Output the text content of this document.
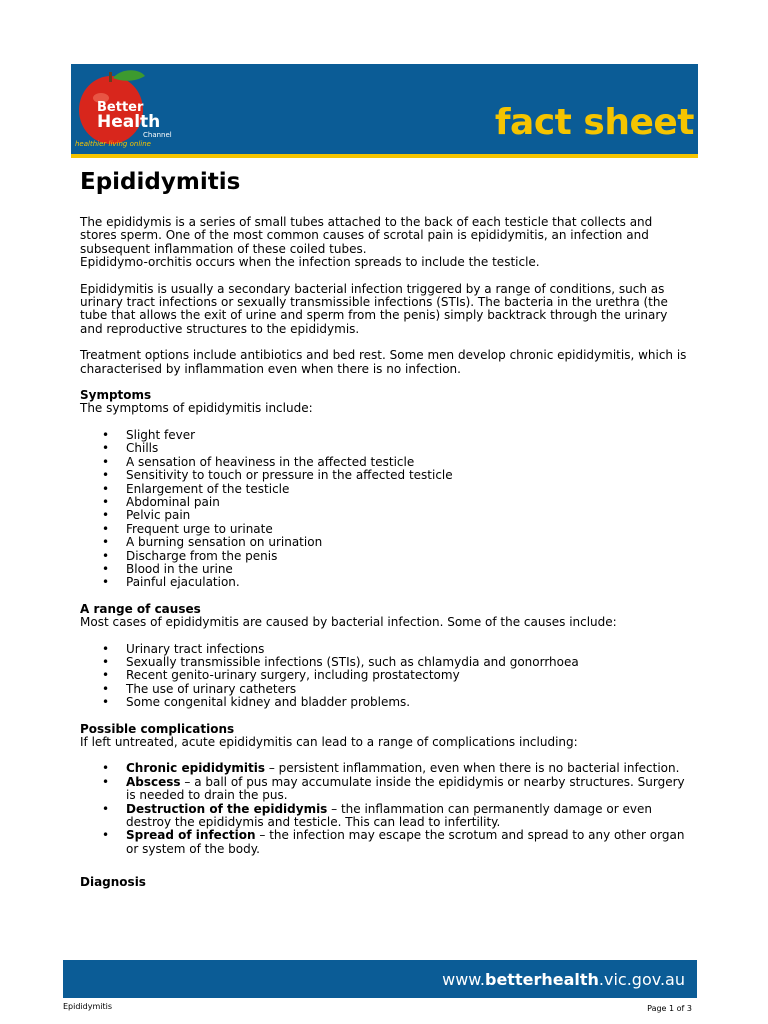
Better
Health
Channel
healthier living online
fact sheet
Epididymitis

The epididymis is a series of small tubes attached to the back of each testicle that collects and stores sperm. One of the most common causes of scrotal pain is epididymitis, an infection and subsequent inflammation of these coiled tubes.
Epididymo-orchitis occurs when the infection spreads to include the testicle.

Epididymitis is usually a secondary bacterial infection triggered by a range of conditions, such as urinary tract infections or sexually transmissible infections (STIs). The bacteria in the urethra (the tube that allows the exit of urine and sperm from the penis) simply backtrack through the urinary and reproductive structures to the epididymis.

Treatment options include antibiotics and bed rest. Some men develop chronic epididymitis, which is characterised by inflammation even when there is no infection.

Symptoms
The symptoms of epididymitis include:
• Slight fever
• Chills
• A sensation of heaviness in the affected testicle
• Sensitivity to touch or pressure in the affected testicle
• Enlargement of the testicle
• Abdominal pain
• Pelvic pain
• Frequent urge to urinate
• A burning sensation on urination
• Discharge from the penis
• Blood in the urine
• Painful ejaculation.
A range of causes
Most cases of epididymitis are caused by bacterial infection. Some of the causes include:
• Urinary tract infections
• Sexually transmissible infections (STIs), such as chlamydia and gonorrhoea
• Recent genito-urinary surgery, including prostatectomy
• The use of urinary catheters
• Some congenital kidney and bladder problems.
Possible complications
If left untreated, acute epididymitis can lead to a range of complications including:
• Chronic epididymitis – persistent inflammation, even when there is no bacterial infection.
• Abscess – a ball of pus may accumulate inside the epididymis or nearby structures. Surgery is needed to drain the pus.
• Destruction of the epididymis – the inflammation can permanently damage or even destroy the epididymis and testicle. This can lead to infertility.
• Spread of infection – the infection may escape the scrotum and spread to any other organ or system of the body.
Diagnosis
www.betterhealth.vic.gov.au
Epididymitis	Page 1 of 3
